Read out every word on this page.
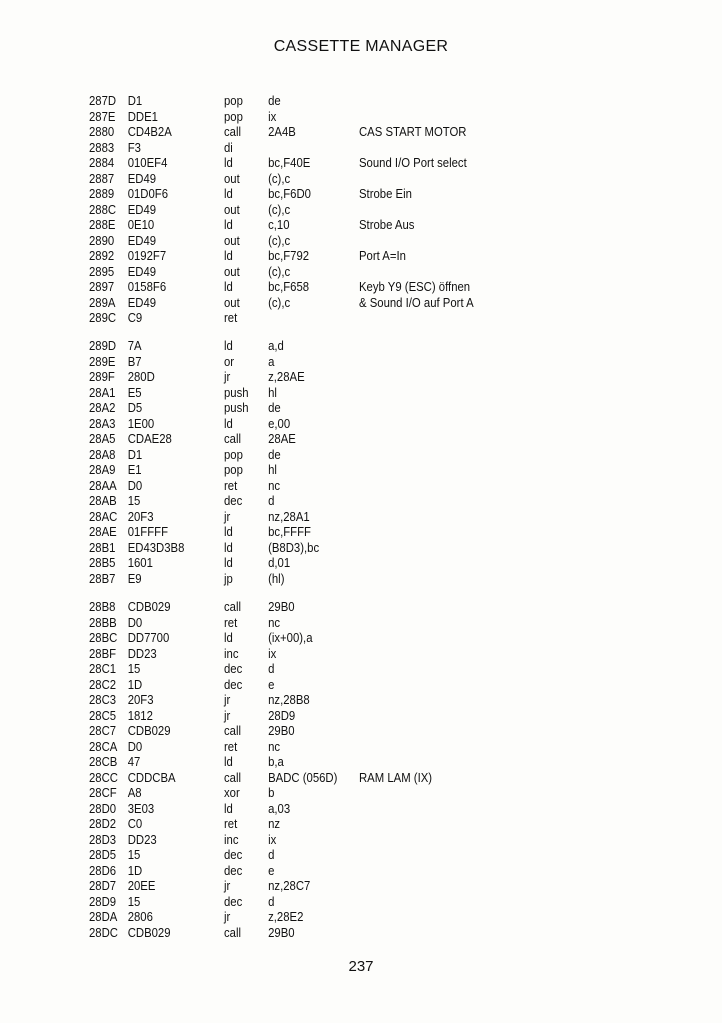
CASSETTE MANAGER
287D D1	pop	de
287E DDE1	pop	ix
2880	CD4B2A	call	2A4B	CAS START MOTOR
2883	F3	di
2884	010EF4	ld	bc,F40E	Sound I/O Port select
2887	ED49	out	(c),c
2889	01D0F6	ld	bc,F6D0	Strobe Ein
288C ED49	out	(c),c
288E 0E10	ld	c,10	Strobe Aus
2890	ED49	out	(c),c
2892	0192F7	ld	bc,F792	Port A=In
2895	ED49	out	(c),c
2897	0158F6	ld	bc,F658	Keyb Y9 (ESC) öffnen
289A ED49	out	(c),c	& Sound I/O auf Port A
289C C9	ret
289D 7A	ld	a,d
289E B7	or	a
289F	280D	jr	z,28AE
28A1 E5	push	hl
28A2 D5	push	de
28A3 1E00	ld	e,00
28A5 CDAE28	call	28AE
28A8 D1	pop	de
28A9 E1	pop	hl
28AA D0	ret	nc
28AB 15	dec	d
28AC 20F3	jr	nz,28A1
28AE 01FFFF	ld	bc,FFFF
28B1 ED43D3B8	ld	(B8D3),bc
28B5 1601	ld	d,01
28B7 E9	jp	(hl)
28B8 CDB029	call	29B0
28BB D0	ret	nc
28BC DD7700	ld	(ix+00),a
28BF DD23	inc	ix
28C1 15	dec	d
28C2 1D	dec	e
28C3 20F3	jr	nz,28B8
28C5 1812	jr	28D9
28C7 CDB029	call	29B0
28CA D0	ret	nc
28CB 47	ld	b,a
28CC CDDCBA	call	BADC (056D)	RAM LAM (IX)
28CF A8	xor	b
28D0 3E03	ld	a,03
28D2 C0	ret	nz
28D3 DD23	inc	ix
28D5 15	dec	d
28D6 1D	dec	e
28D7 20EE	jr	nz,28C7
28D9 15	dec	d
28DA 2806	jr	z,28E2
28DC CDB029	call	29B0
237
